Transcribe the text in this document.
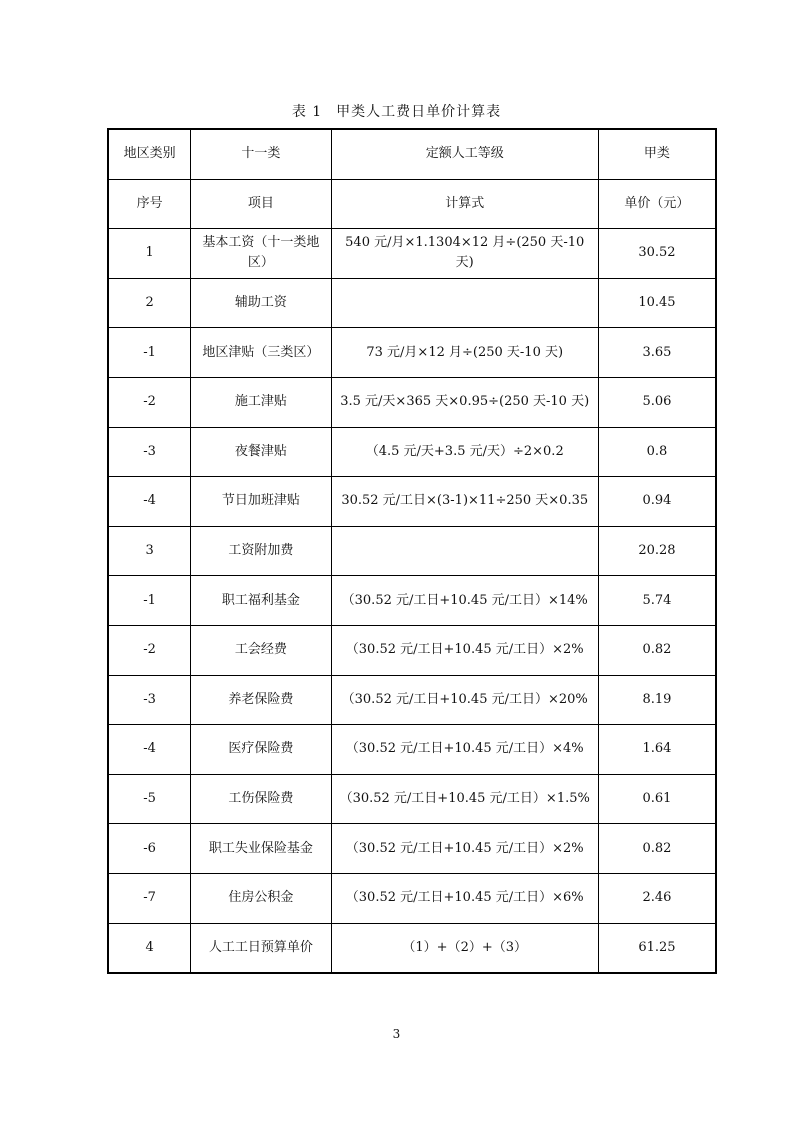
表 1 甲类人工费日单价计算表
地区类别	十一类	定额人工等级	甲类
序号	项目	计算式	单价（元）
1	基本工资（十一类地区）	540 元/月×1.1304×12 月÷(250 天-10 天)	30.52
2	辅助工资		10.45
-1	地区津贴（三类区）	73 元/月×12 月÷(250 天-10 天)	3.65
-2	施工津贴	3.5 元/天×365 天×0.95÷(250 天-10 天)	5.06
-3	夜餐津贴	（4.5 元/天+3.5 元/天）÷2×0.2	0.8
-4	节日加班津贴	30.52 元/工日×(3-1)×11÷250 天×0.35	0.94
3	工资附加费		20.28
-1	职工福利基金	（30.52 元/工日+10.45 元/工日）×14%	5.74
-2	工会经费	（30.52 元/工日+10.45 元/工日）×2%	0.82
-3	养老保险费	（30.52 元/工日+10.45 元/工日）×20%	8.19
-4	医疗保险费	（30.52 元/工日+10.45 元/工日）×4%	1.64
-5	工伤保险费	（30.52 元/工日+10.45 元/工日）×1.5%	0.61
-6	职工失业保险基金	（30.52 元/工日+10.45 元/工日）×2%	0.82
-7	住房公积金	（30.52 元/工日+10.45 元/工日）×6%	2.46
4	人工工日预算单价	（1）+（2）+（3）	61.25
3
